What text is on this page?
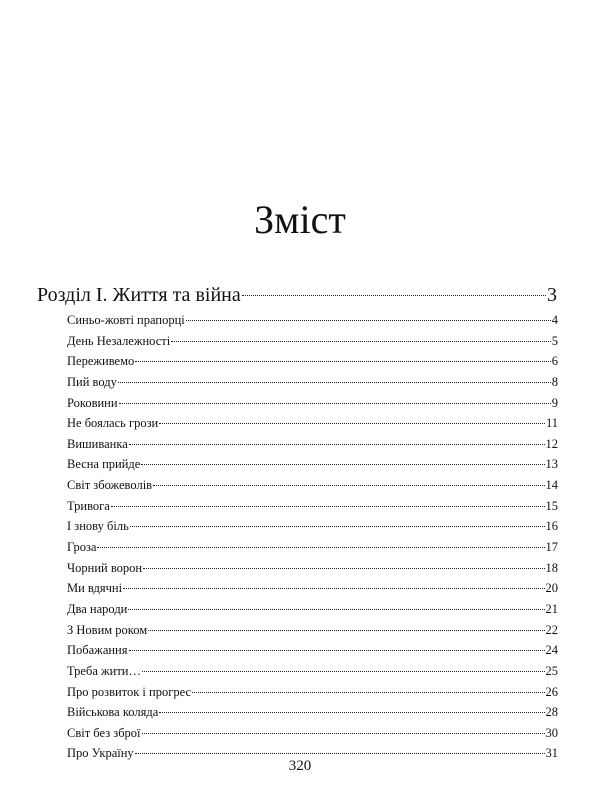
Зміст
Розділ І. Життя та війна	3
Синьо-жовті прапорці	4
День Незалежності	5
Переживемо	6
Пий воду	8
Роковини	9
Не боялась грози	11
Вишиванка	12
Весна прийде	13
Світ збожеволів	14
Тривога	15
І знову біль	16
Гроза	17
Чорний ворон	18
Ми вдячні	20
Два народи	21
З Новим роком	22
Побажання	24
Треба жити…	25
Про розвиток і прогрес	26
Військова коляда	28
Світ без зброї	30
Про Україну	31
320
